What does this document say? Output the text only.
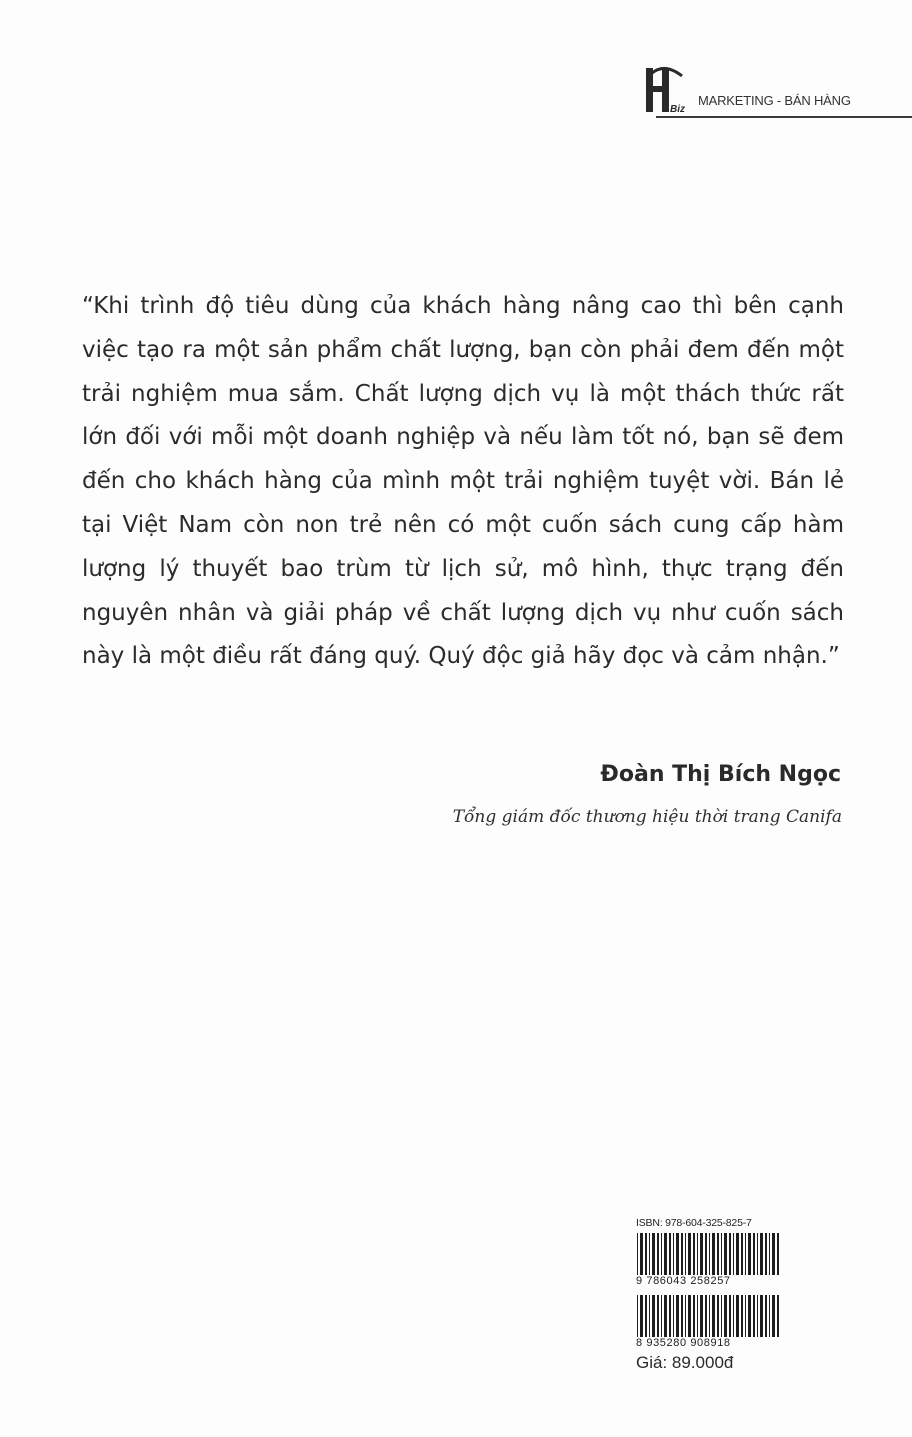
Biz
MARKETING - BÁN HÀNG

“Khi trình độ tiêu dùng của khách hàng nâng cao thì bên cạnh việc tạo ra một sản phẩm chất lượng, bạn còn phải đem đến một trải nghiệm mua sắm. Chất lượng dịch vụ là một thách thức rất lớn đối với mỗi một doanh nghiệp và nếu làm tốt nó, bạn sẽ đem đến cho khách hàng của mình một trải nghiệm tuyệt vời. Bán lẻ tại Việt Nam còn non trẻ nên có một cuốn sách cung cấp hàm lượng lý thuyết bao trùm từ lịch sử, mô hình, thực trạng đến nguyên nhân và giải pháp về chất lượng dịch vụ như cuốn sách này là một điều rất đáng quý. Quý độc giả hãy đọc và cảm nhận.”

Đoàn Thị Bích Ngọc
Tổng giám đốc thương hiệu thời trang Canifa
ISBN: 978-604-325-825-7
9 786043 258257
8 935280 908918
Giá: 89.000đ
